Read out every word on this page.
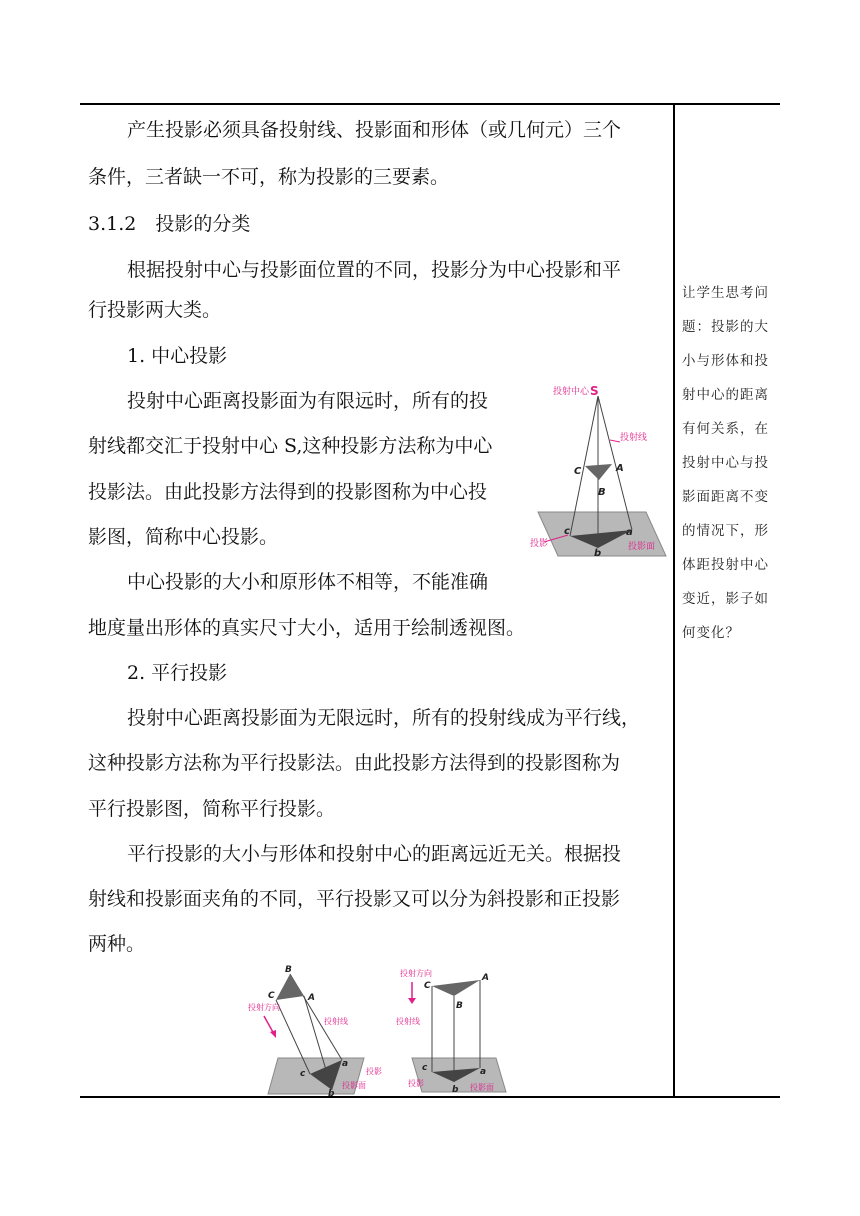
产生投影必须具备投射线、投影面和形体（或几何元）三个
条件，三者缺一不可，称为投影的三要素。
3.1.2　投影的分类
根据投射中心与投影面位置的不同，投影分为中心投影和平
行投影两大类。
1. 中心投影
投射中心距离投影面为有限远时，所有的投
射线都交汇于投射中心 S,这种投影方法称为中心
投影法。由此投影方法得到的投影图称为中心投
影图，简称中心投影。
中心投影的大小和原形体不相等，不能准确
地度量出形体的真实尺寸大小，适用于绘制透视图。
2. 平行投影
投射中心距离投影面为无限远时，所有的投射线成为平行线，
这种投影方法称为平行投影法。由此投影方法得到的投影图称为
平行投影图，简称平行投影。
平行投影的大小与形体和投射中心的距离远近无关。根据投
射线和投影面夹角的不同，平行投影又可以分为斜投影和正投影
两种。
让学生思考问
题：投影的大
小与形体和投
射中心的距离
有何关系，在
投射中心与投
影面距离不变
的情况下，形
体距投射中心
变近，影子如
何变化？
投射中心 S
投射线
C	A
B
c	a
b
投影	投影面
投射方向
投射线
B
C	A
a
c
b
投影
投影面
投射方向
投射线
C
A
B
c	a
b
投影	投影面
